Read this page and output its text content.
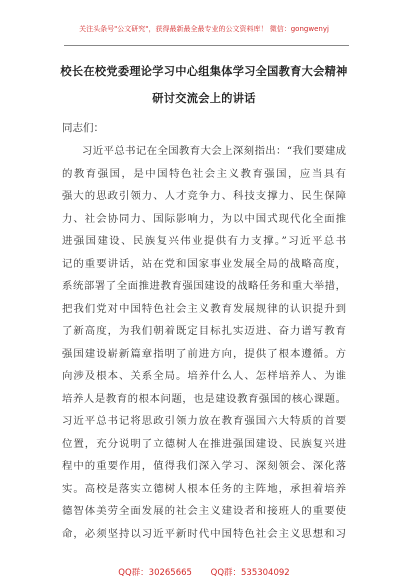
关注头条号"公文研究"，获得最新最全最专业的公文资料库！ 微信：gongwenyj
校长在校党委理论学习中心组集体学习全国教育大会精神
研讨交流会上的讲话
同志们：
习近平总书记在全国教育大会上深刻指出：“我们要建成
的教育强国，是中国特色社会主义教育强国，应当具有
强大的思政引领力、人才竞争力、科技支撑力、民生保障
力、社会协同力、国际影响力，为以中国式现代化全面推
进强国建设、民族复兴伟业提供有力支撑。”习近平总书
记的重要讲话，站在党和国家事业发展全局的战略高度，
系统部署了全面推进教育强国建设的战略任务和重大举措，
把我们党对中国特色社会主义教育发展规律的认识提升到
了新高度，为我们朝着既定目标扎实迈进、奋力谱写教育
强国建设崭新篇章指明了前进方向，提供了根本遵循。方
向涉及根本、关系全局。培养什么人、怎样培养人、为谁
培养人是教育的根本问题，也是建设教育强国的核心课题。
习近平总书记将思政引领力放在教育强国六大特质的首要
位置，充分说明了立德树人在推进强国建设、民族复兴进
程中的重要作用，值得我们深入学习、深刻领会、深化落
实。高校是落实立德树人根本任务的主阵地，承担着培养
德智体美劳全面发展的社会主义建设者和接班人的重要使
命，必须坚持以习近平新时代中国特色社会主义思想和习
QQ群：30265665 QQ群：535304092
